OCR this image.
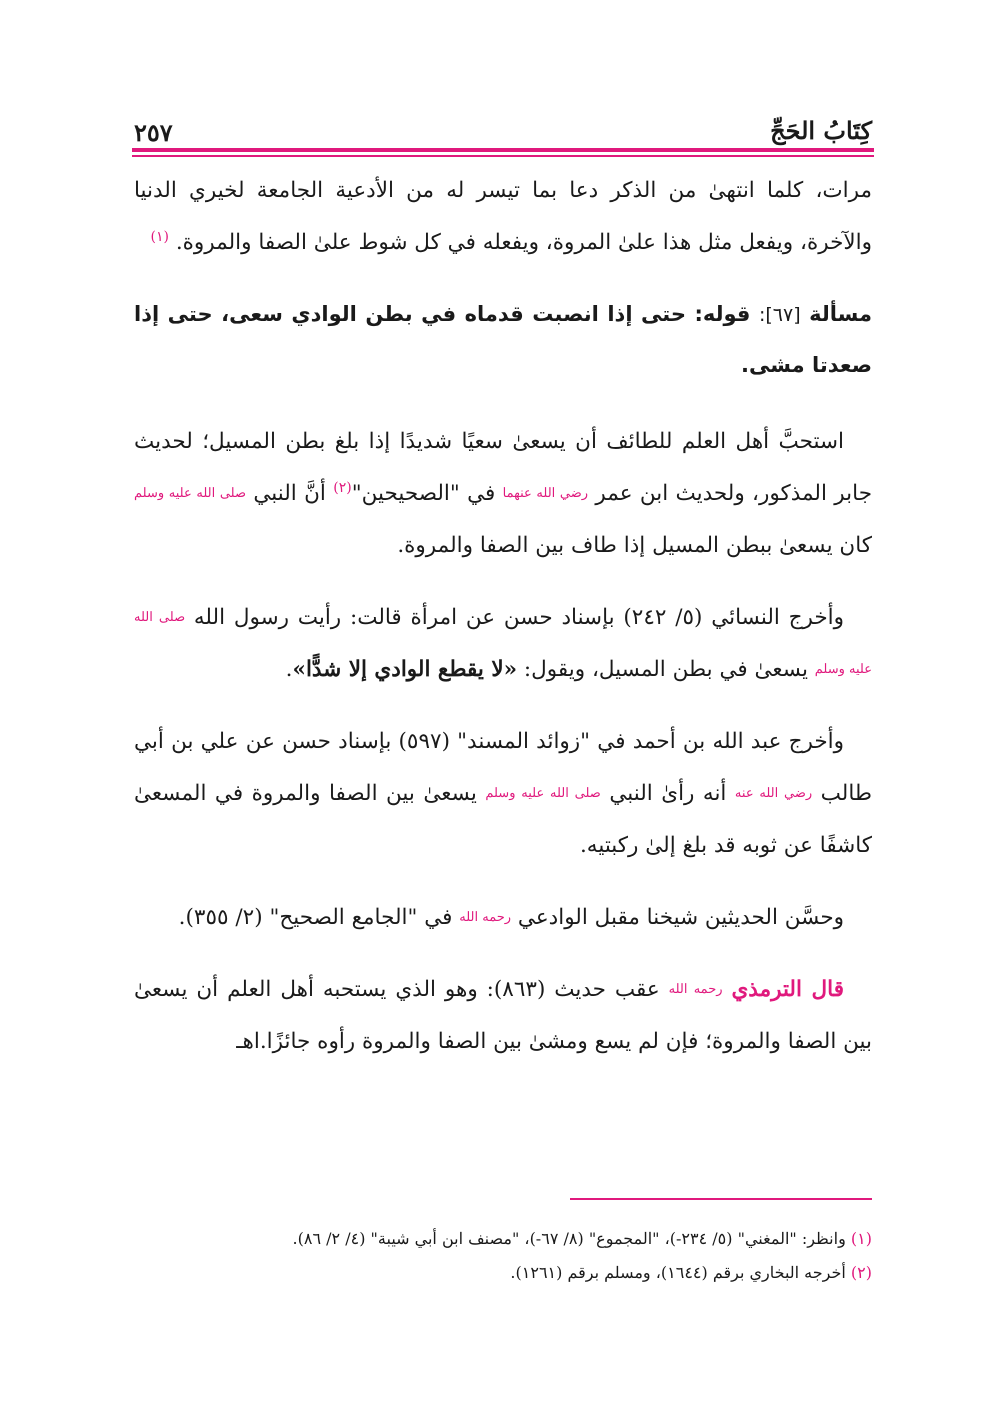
٢٥٧	كِتَابُ الحَجِّ

مرات، كلما انتهىٰ من الذكر دعا بما تيسر له من الأدعية الجامعة لخيري الدنيا والآخرة، ويفعل مثل هذا علىٰ المروة، ويفعله في كل شوط علىٰ الصفا والمروة. $^{(١)}$

مسألة [٦٧]: قوله: حتى إذا انصبت قدماه في بطن الوادي سعى، حتى إذا صعدتا مشى.

استحبَّ أهل العلم للطائف أن يسعىٰ سعيًا شديدًا إذا بلغ بطن المسيل؛ لحديث جابر المذكور، ولحديث ابن عمر رضي الله عنهما في "الصحيحين"$^{(٢)}$ أنَّ النبي صلى الله عليه وسلم كان يسعىٰ ببطن المسيل إذا طاف بين الصفا والمروة.

وأخرج النسائي (٥/ ٢٤٢) بإسناد حسن عن امرأة قالت: رأيت رسول الله صلى الله عليه وسلم يسعىٰ في بطن المسيل، ويقول: «لا يقطع الوادي إلا شدًّا».

وأخرج عبد الله بن أحمد في "زوائد المسند" (٥٩٧) بإسناد حسن عن علي بن أبي طالب رضي الله عنه أنه رأىٰ النبي صلى الله عليه وسلم يسعىٰ بين الصفا والمروة في المسعىٰ كاشفًا عن ثوبه قد بلغ إلىٰ ركبتيه.

وحسَّن الحديثين شيخنا مقبل الوادعي رحمه الله في "الجامع الصحيح" (٢/ ٣٥٥).

قال الترمذي رحمه الله عقب حديث (٨٦٣): وهو الذي يستحبه أهل العلم أن يسعىٰ بين الصفا والمروة؛ فإن لم يسع ومشىٰ بين الصفا والمروة رأوه جائزًا.اهـ

(١) وانظر: "المغني" (٥/ ٢٣٤-)، "المجموع" (٨/ ٦٧-)، "مصنف ابن أبي شيبة" (٤/ ٢/ ٨٦).

(٢) أخرجه البخاري برقم (١٦٤٤)، ومسلم برقم (١٢٦١).
